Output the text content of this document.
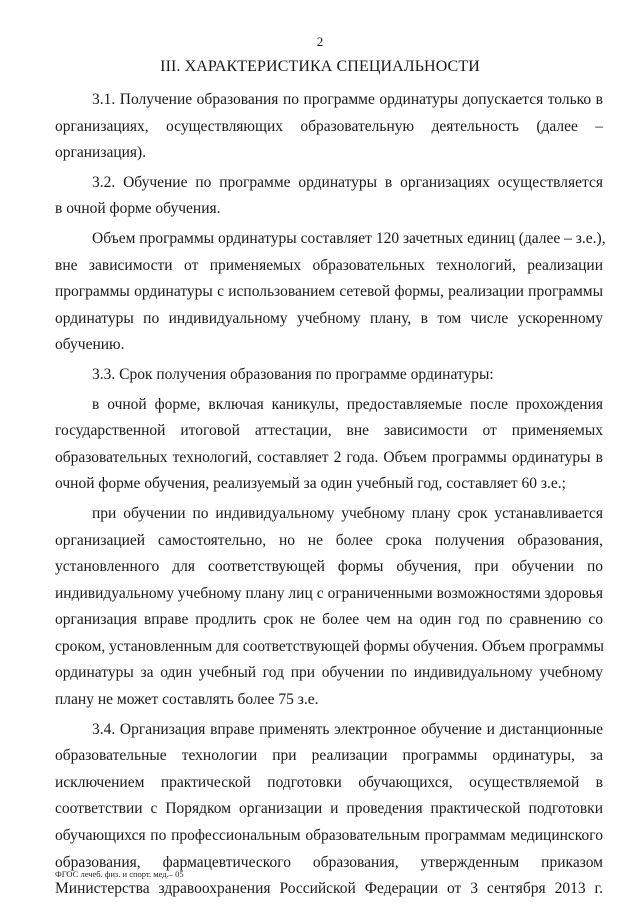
2
III. ХАРАКТЕРИСТИКА СПЕЦИАЛЬНОСТИ
3.1. Получение образования по программе ординатуры допускается только в
организациях, осуществляющих образовательную деятельность (далее –
организация).
3.2. Обучение по программе ординатуры в организациях осуществляется
в очной форме обучения.
Объем программы ординатуры составляет 120 зачетных единиц (далее – з.е.),
вне зависимости от применяемых образовательных технологий, реализации
программы ординатуры с использованием сетевой формы, реализации программы
ординатуры по индивидуальному учебному плану, в том числе ускоренному
обучению.
3.3. Срок получения образования по программе ординатуры:
в очной форме, включая каникулы, предоставляемые после прохождения
государственной итоговой аттестации, вне зависимости от применяемых
образовательных технологий, составляет 2 года. Объем программы ординатуры в
очной форме обучения, реализуемый за один учебный год, составляет 60 з.е.;
при обучении по индивидуальному учебному плану срок устанавливается
организацией самостоятельно, но не более срока получения образования,
установленного для соответствующей формы обучения, при обучении по
индивидуальному учебному плану лиц с ограниченными возможностями здоровья
организация вправе продлить срок не более чем на один год по сравнению со
сроком, установленным для соответствующей формы обучения. Объем программы
ординатуры за один учебный год при обучении по индивидуальному учебному
плану не может составлять более 75 з.е.
3.4. Организация вправе применять электронное обучение и дистанционные
образовательные технологии при реализации программы ординатуры, за
исключением практической подготовки обучающихся, осуществляемой в
соответствии с Порядком организации и проведения практической подготовки
обучающихся по профессиональным образовательным программам медицинского
образования, фармацевтического образования, утвержденным приказом
Министерства здравоохранения Российской Федерации от 3 сентября 2013 г.
ФГОС лечеб. физ. и спорт. мед.– 05
